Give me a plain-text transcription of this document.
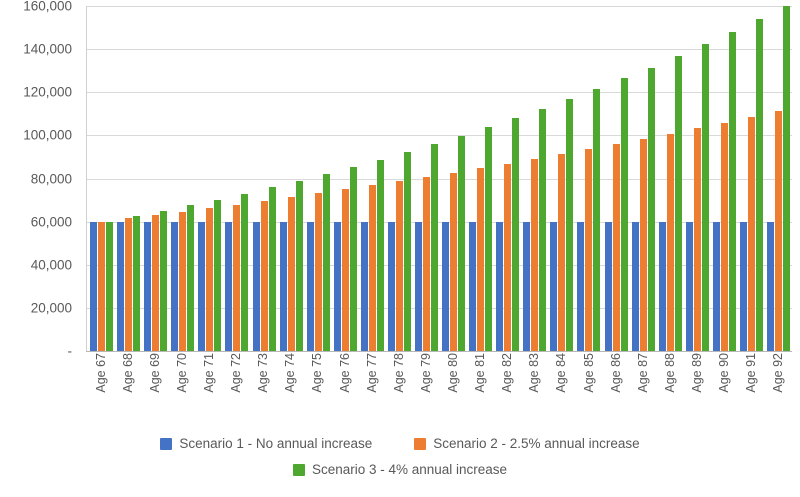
-
20,000
40,000
60,000
80,000
100,000
120,000
140,000
160,000
Age 67 Age 68 Age 69 Age 70 Age 71 Age 72 Age 73 Age 74 Age 75 Age 76 Age 77 Age 78 Age 79 Age 80 Age 81 Age 82 Age 83 Age 84 Age 85 Age 86 Age 87 Age 88 Age 89 Age 90 Age 91 Age 92
Scenario 1 - No annual increase	Scenario 2 - 2.5% annual increase
Scenario 3 - 4% annual increase
